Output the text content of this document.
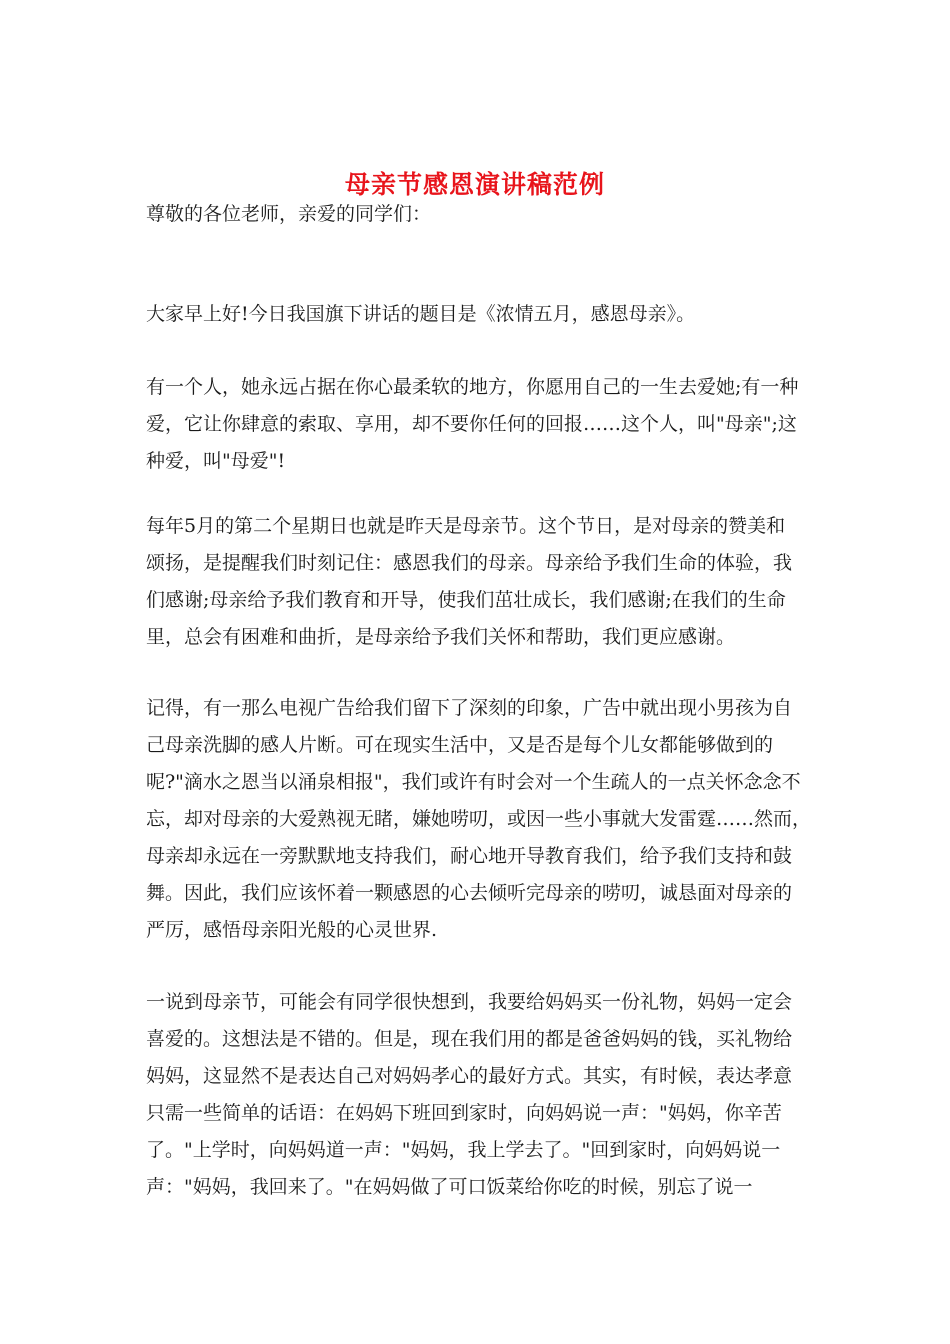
母亲节感恩演讲稿范例

尊敬的各位老师，亲爱的同学们：

大家早上好!今日我国旗下讲话的题目是《浓情五月，感恩母亲》。

有一个人，她永远占据在你心最柔软的地方，你愿用自己的一生去爱她;有一种
爱，它让你肆意的索取、享用，却不要你任何的回报……这个人，叫"母亲";这
种爱，叫"母爱"!

每年5月的第二个星期日也就是昨天是母亲节。这个节日，是对母亲的赞美和
颂扬，是提醒我们时刻记住：感恩我们的母亲。母亲给予我们生命的体验，我
们感谢;母亲给予我们教育和开导，使我们茁壮成长，我们感谢;在我们的生命
里，总会有困难和曲折，是母亲给予我们关怀和帮助，我们更应感谢。

记得，有一那么电视广告给我们留下了深刻的印象，广告中就出现小男孩为自
己母亲洗脚的感人片断。可在现实生活中，又是否是每个儿女都能够做到的
呢?"滴水之恩当以涌泉相报"，我们或许有时会对一个生疏人的一点关怀念念不
忘，却对母亲的大爱熟视无睹，嫌她唠叨，或因一些小事就大发雷霆……然而，
母亲却永远在一旁默默地支持我们，耐心地开导教育我们，给予我们支持和鼓
舞。因此，我们应该怀着一颗感恩的心去倾听完母亲的唠叨，诚恳面对母亲的
严厉，感悟母亲阳光般的心灵世界.

一说到母亲节，可能会有同学很快想到，我要给妈妈买一份礼物，妈妈一定会
喜爱的。这想法是不错的。但是，现在我们用的都是爸爸妈妈的钱，买礼物给
妈妈，这显然不是表达自己对妈妈孝心的最好方式。其实，有时候，表达孝意
只需一些简单的话语：在妈妈下班回到家时，向妈妈说一声："妈妈，你辛苦
了。"上学时，向妈妈道一声："妈妈，我上学去了。"回到家时，向妈妈说一
声："妈妈，我回来了。"在妈妈做了可口饭菜给你吃的时候，别忘了说一
